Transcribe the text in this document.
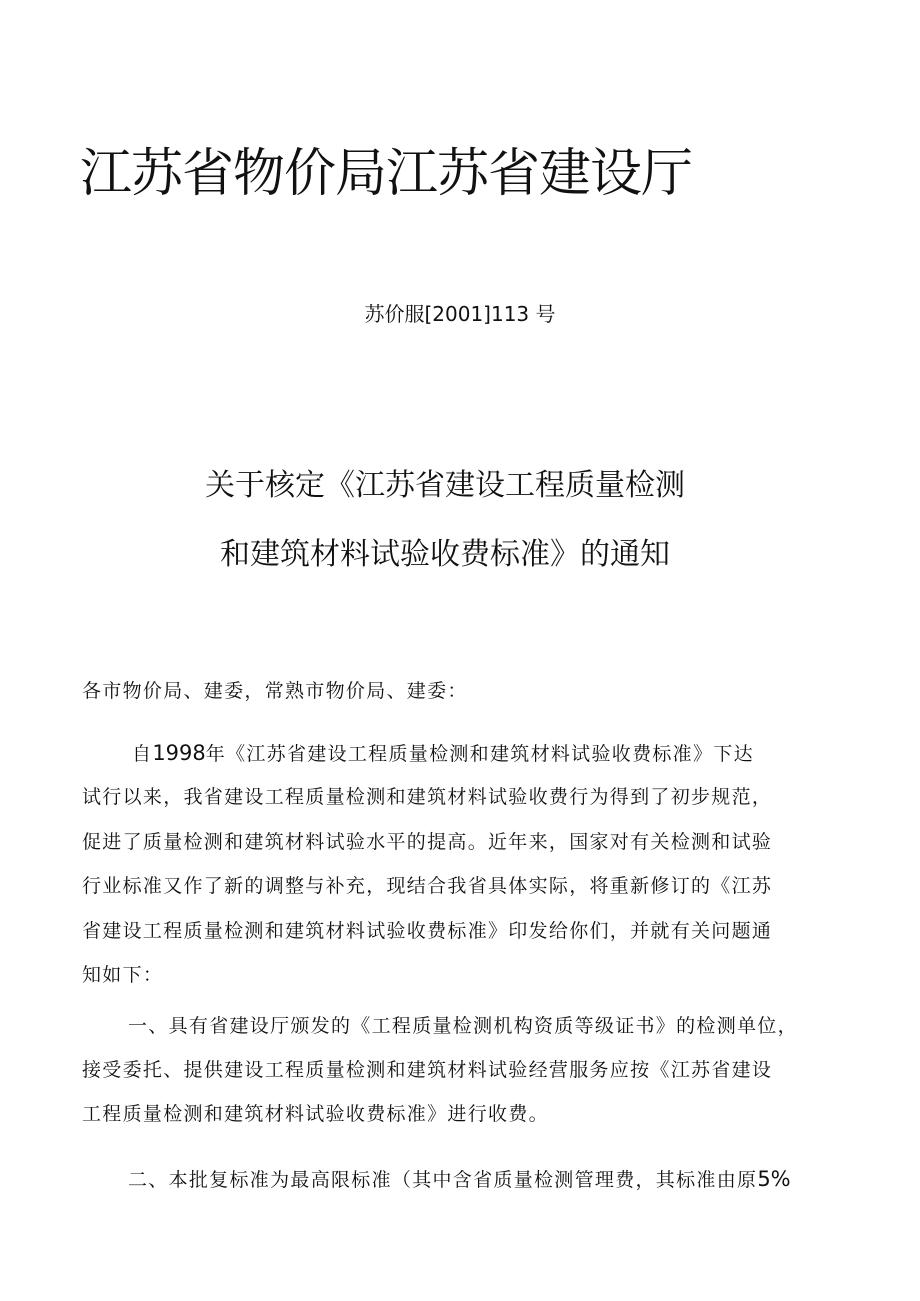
江苏省物价局江苏省建设厅
苏价服[2001]113 号
关于核定《江苏省建设工程质量检测
和建筑材料试验收费标准》的通知
各市物价局、建委，常熟市物价局、建委：
自1998年《江苏省建设工程质量检测和建筑材料试验收费标准》下达
试行以来，我省建设工程质量检测和建筑材料试验收费行为得到了初步规范，
促进了质量检测和建筑材料试验水平的提高。近年来，国家对有关检测和试验
行业标准又作了新的调整与补充，现结合我省具体实际，将重新修订的《江苏
省建设工程质量检测和建筑材料试验收费标准》印发给你们，并就有关问题通
知如下：
一、具有省建设厅颁发的《工程质量检测机构资质等级证书》的检测单位，
接受委托、提供建设工程质量检测和建筑材料试验经营服务应按《江苏省建设
工程质量检测和建筑材料试验收费标准》进行收费。
二、本批复标准为最高限标准（其中含省质量检测管理费，其标准由原5%
